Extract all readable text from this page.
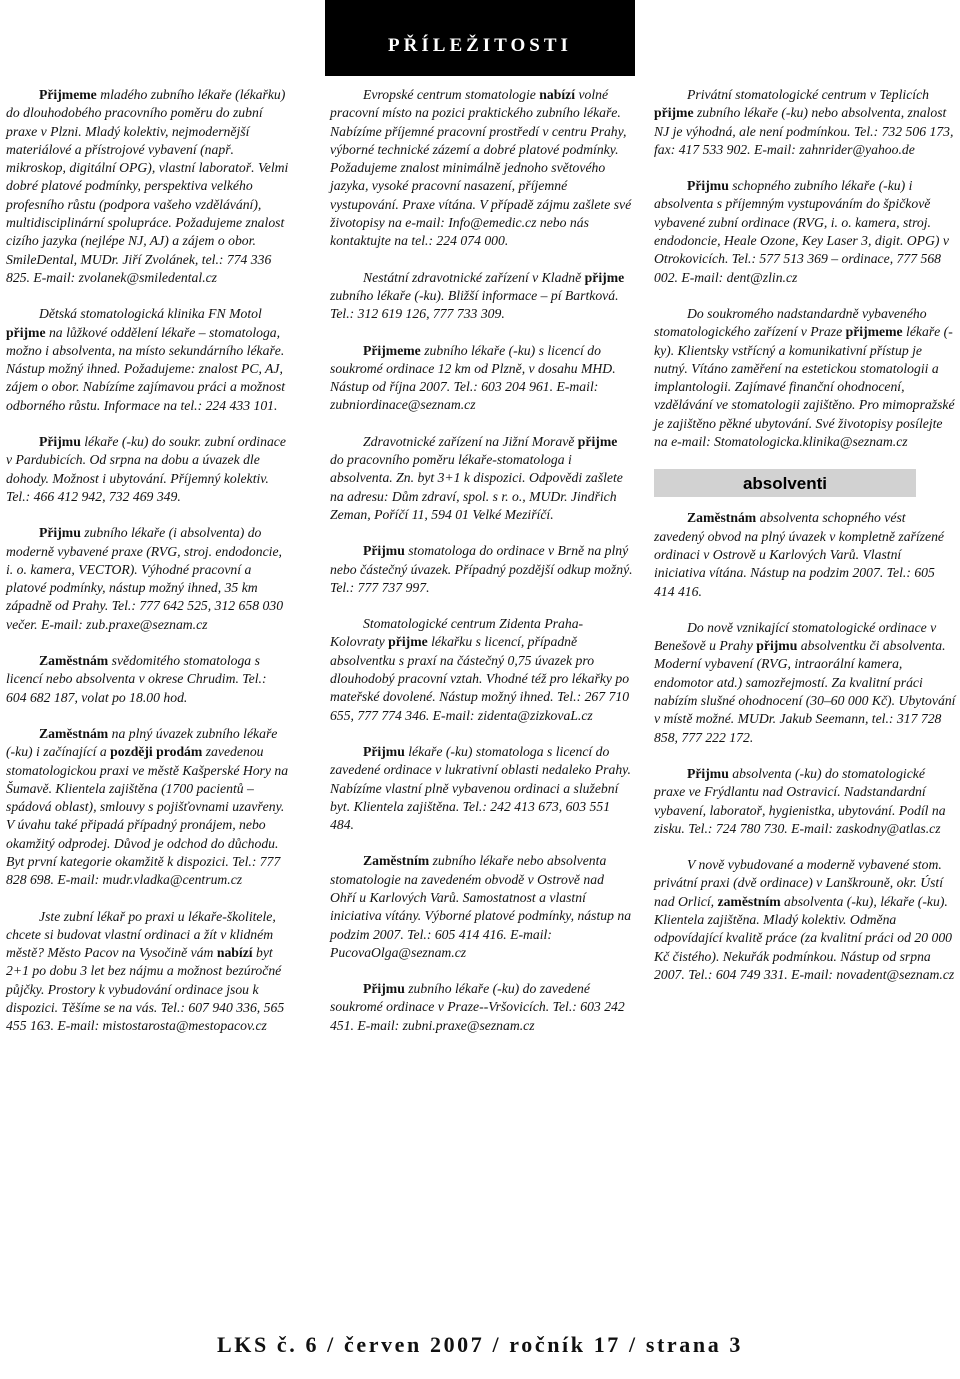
PŘÍLEŽITOSTI

Přijmeme mladého zubního lékaře (lékařku) do dlouhodobého pracovního poměru do zubní praxe v Plzni. Mladý kolektiv, nejmodernější materiálové a přístrojové vybavení (např. mikroskop, digitální OPG), vlastní laboratoř. Velmi dobré platové podmínky, perspektiva velkého profesního růstu (podpora vašeho vzdělávání), multidisciplinární spolupráce. Požadujeme znalost cizího jazyka (nejlépe NJ, AJ) a zájem o obor. SmileDental, MUDr. Jiří Zvolánek, tel.: 774 336 825. E-mail: zvolanek@smiledental.cz

Dětská stomatologická klinika FN Motol přijme na lůžkové oddělení lékaře – stomatologa, možno i absolventa, na místo sekundárního lékaře. Nástup možný ihned. Požadujeme: znalost PC, AJ, zájem o obor. Nabízíme zajímavou práci a možnost odborného růstu. Informace na tel.: 224 433 101.

Přijmu lékaře (-ku) do soukr. zubní ordinace v Pardubicích. Od srpna na dobu a úvazek dle dohody. Možnost i ubytování. Příjemný kolektiv. Tel.: 466 412 942, 732 469 349.

Přijmu zubního lékaře (i absolventa) do moderně vybavené praxe (RVG, stroj. endodoncie, i. o. kamera, VECTOR). Výhodné pracovní a platové podmínky, nástup možný ihned, 35 km západně od Prahy. Tel.: 777 642 525, 312 658 030 večer. E-mail: zub.praxe@seznam.cz

Zaměstnám svědomitého stomatologa s licencí nebo absolventa v okrese Chrudim. Tel.: 604 682 187, volat po 18.00 hod.

Zaměstnám na plný úvazek zubního lékaře (-ku) i začínající a později prodám zavedenou stomatologickou praxi ve městě Kašperské Hory na Šumavě. Klientela zajištěna (1700 pacientů – spádová oblast), smlouvy s pojišťovnami uzavřeny. V úvahu také připadá případný pronájem, nebo okamžitý odprodej. Důvod je odchod do důchodu. Byt první kategorie okamžitě k dispozici. Tel.: 777 828 698. E-mail: mudr.vladka@centrum.cz

Jste zubní lékař po praxi u lékaře-školitele, chcete si budovat vlastní ordinaci a žít v klidném městě? Město Pacov na Vysočině vám nabízí byt 2+1 po dobu 3 let bez nájmu a možnost bezúročné půjčky. Prostory k vybudování ordinace jsou k dispozici. Těšíme se na vás. Tel.: 607 940 336, 565 455 163. E-mail: mistostarosta@mestopacov.cz

Evropské centrum stomatologie nabízí volné pracovní místo na pozici praktického zubního lékaře. Nabízíme příjemné pracovní prostředí v centru Prahy, výborné technické zázemí a dobré platové podmínky. Požadujeme znalost minimálně jednoho světového jazyka, vysoké pracovní nasazení, příjemné vystupování. Praxe vítána. V případě zájmu zašlete své životopisy na e-mail: Info@emedic.cz nebo nás kontaktujte na tel.: 224 074 000.

Nestátní zdravotnické zařízení v Kladně přijme zubního lékaře (-ku). Bližší informace – pí Bartková. Tel.: 312 619 126, 777 733 309.

Přijmeme zubního lékaře (-ku) s licencí do soukromé ordinace 12 km od Plzně, v dosahu MHD. Nástup od října 2007. Tel.: 603 204 961. E-mail: zubniordinace@seznam.cz

Zdravotnické zařízení na Jižní Moravě přijme do pracovního poměru lékaře-stomatologa i absolventa. Zn. byt 3+1 k dispozici. Odpovědi zašlete na adresu: Dům zdraví, spol. s r. o., MUDr. Jindřich Zeman, Poříčí 11, 594 01 Velké Meziříčí.

Přijmu stomatologa do ordinace v Brně na plný nebo částečný úvazek. Případný pozdější odkup možný. Tel.: 777 737 997.

Stomatologické centrum Zidenta Praha-Kolovraty přijme lékařku s licencí, případně absolventku s praxí na částečný 0,75 úvazek pro dlouhodobý pracovní vztah. Vhodné též pro lékařky po mateřské dovolené. Nástup možný ihned. Tel.: 267 710 655, 777 774 346. E-mail: zidenta@zizkovaL.cz

Přijmu lékaře (-ku) stomatologa s licencí do zavedené ordinace v lukrativní oblasti nedaleko Prahy. Nabízíme vlastní plně vybavenou ordinaci a služební byt. Klientela zajištěna. Tel.: 242 413 673, 603 551 484.

Zaměstním zubního lékaře nebo absolventa stomatologie na zavedeném obvodě v Ostrově nad Ohří u Karlových Varů. Samostatnost a vlastní iniciativa vítány. Výborné platové podmínky, nástup na podzim 2007. Tel.: 605 414 416. E-mail: PucovaOlga@seznam.cz

Přijmu zubního lékaře (-ku) do zavedené soukromé ordinace v Praze--Vršovicích. Tel.: 603 242 451. E-mail: zubni.praxe@seznam.cz

Privátní stomatologické centrum v Teplicích přijme zubního lékaře (-ku) nebo absolventa, znalost NJ je výhodná, ale není podmínkou. Tel.: 732 506 173, fax: 417 533 902. E-mail: zahnrider@yahoo.de

Přijmu schopného zubního lékaře (-ku) i absolventa s příjemným vystupováním do špičkově vybavené zubní ordinace (RVG, i. o. kamera, stroj. endodoncie, Heale Ozone, Key Laser 3, digit. OPG) v Otrokovicích. Tel.: 577 513 369 – ordinace, 777 568 002. E-mail: dent@zlin.cz

Do soukromého nadstandardně vybaveného stomatologického zařízení v Praze přijmeme lékaře (-ky). Klientsky vstřícný a komunikativní přístup je nutný. Vítáno zaměření na estetickou stomatologii a implantologii. Zajímavé finanční ohodnocení, vzdělávání ve stomatologii zajištěno. Pro mimopražské je zajištěno pěkné ubytování. Své životopisy posílejte na e-mail: Stomatologicka.klinika@seznam.cz

absolventi

Zaměstnám absolventa schopného vést zavedený obvod na plný úvazek v kompletně zařízené ordinaci v Ostrově u Karlových Varů. Vlastní iniciativa vítána. Nástup na podzim 2007. Tel.: 605 414 416.

Do nově vznikající stomatologické ordinace v Benešově u Prahy přijmu absolventku či absolventa. Moderní vybavení (RVG, intraorální kamera, endomotor atd.) samozřejmostí. Za kvalitní práci nabízím slušné ohodnocení (30–60 000 Kč). Ubytování v místě možné. MUDr. Jakub Seemann, tel.: 317 728 858, 777 222 172.

Přijmu absolventa (-ku) do stomatologické praxe ve Frýdlantu nad Ostravicí. Nadstandardní vybavení, laboratoř, hygienistka, ubytování. Podíl na zisku. Tel.: 724 780 730. E-mail: zaskodny@atlas.cz

V nově vybudované a moderně vybavené stom. privátní praxi (dvě ordinace) v Lanškrouně, okr. Ústí nad Orlicí, zaměstním absolventa (-ku), lékaře (-ku). Klientela zajištěna. Mladý kolektiv. Odměna odpovídající kvalitě práce (za kvalitní práci od 20 000 Kč čistého). Nekuřák podmínkou. Nástup od srpna 2007. Tel.: 604 749 331. E-mail: novadent@seznam.cz

LKS č. 6 / červen 2007 / ročník 17 / strana 3
